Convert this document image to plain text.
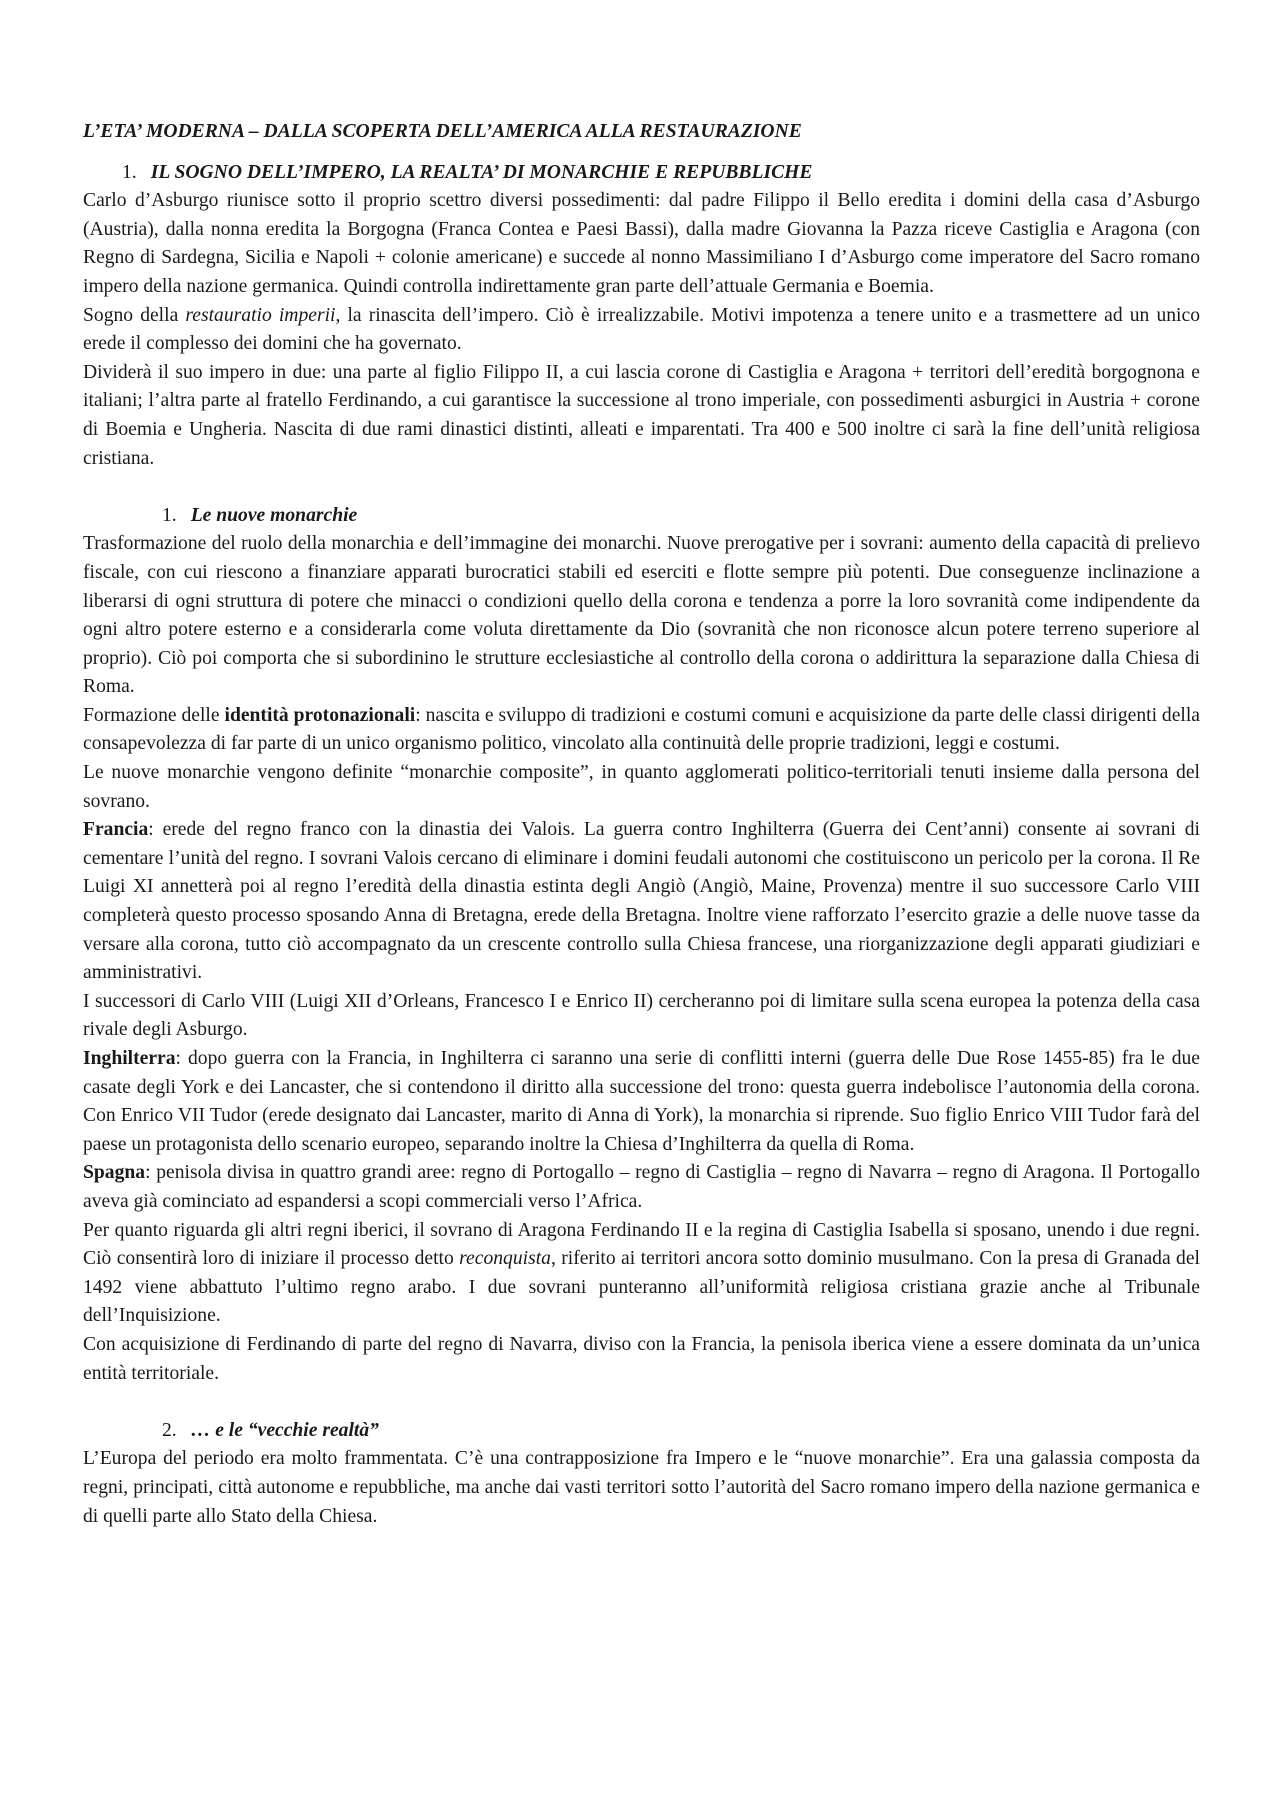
L’ETA’ MODERNA – DALLA SCOPERTA DELL’AMERICA ALLA RESTAURAZIONE
1. IL SOGNO DELL’IMPERO, LA REALTA’ DI MONARCHIE E REPUBBLICHE

Carlo d’Asburgo riunisce sotto il proprio scettro diversi possedimenti: dal padre Filippo il Bello eredita i domini della casa d’Asburgo (Austria), dalla nonna eredita la Borgogna (Franca Contea e Paesi Bassi), dalla madre Giovanna la Pazza riceve Castiglia e Aragona (con Regno di Sardegna, Sicilia e Napoli + colonie americane) e succede al nonno Massimiliano I d’Asburgo come imperatore del Sacro romano impero della nazione germanica. Quindi controlla indirettamente gran parte dell’attuale Germania e Boemia.

Sogno della restauratio imperii, la rinascita dell’impero. Ciò è irrealizzabile. Motivi impotenza a tenere unito e a trasmettere ad un unico erede il complesso dei domini che ha governato.

Dividerà il suo impero in due: una parte al figlio Filippo II, a cui lascia corone di Castiglia e Aragona + territori dell’eredità borgognona e italiani; l’altra parte al fratello Ferdinando, a cui garantisce la successione al trono imperiale, con possedimenti asburgici in Austria + corone di Boemia e Ungheria. Nascita di due rami dinastici distinti, alleati e imparentati. Tra 400 e 500 inoltre ci sarà la fine dell’unità religiosa cristiana.

1. Le nuove monarchie

Trasformazione del ruolo della monarchia e dell’immagine dei monarchi. Nuove prerogative per i sovrani: aumento della capacità di prelievo fiscale, con cui riescono a finanziare apparati burocratici stabili ed eserciti e flotte sempre più potenti. Due conseguenze inclinazione a liberarsi di ogni struttura di potere che minacci o condizioni quello della corona e tendenza a porre la loro sovranità come indipendente da ogni altro potere esterno e a considerarla come voluta direttamente da Dio (sovranità che non riconosce alcun potere terreno superiore al proprio). Ciò poi comporta che si subordinino le strutture ecclesiastiche al controllo della corona o addirittura la separazione dalla Chiesa di Roma.

Formazione delle identità protonazionali: nascita e sviluppo di tradizioni e costumi comuni e acquisizione da parte delle classi dirigenti della consapevolezza di far parte di un unico organismo politico, vincolato alla continuità delle proprie tradizioni, leggi e costumi.

Le nuove monarchie vengono definite “monarchie composite”, in quanto agglomerati politico-territoriali tenuti insieme dalla persona del sovrano.

Francia: erede del regno franco con la dinastia dei Valois. La guerra contro Inghilterra (Guerra dei Cent’anni) consente ai sovrani di cementare l’unità del regno. I sovrani Valois cercano di eliminare i domini feudali autonomi che costituiscono un pericolo per la corona. Il Re Luigi XI annetterà poi al regno l’eredità della dinastia estinta degli Angiò (Angiò, Maine, Provenza) mentre il suo successore Carlo VIII completerà questo processo sposando Anna di Bretagna, erede della Bretagna. Inoltre viene rafforzato l’esercito grazie a delle nuove tasse da versare alla corona, tutto ciò accompagnato da un crescente controllo sulla Chiesa francese, una riorganizzazione degli apparati giudiziari e amministrativi.

I successori di Carlo VIII (Luigi XII d’Orleans, Francesco I e Enrico II) cercheranno poi di limitare sulla scena europea la potenza della casa rivale degli Asburgo.

Inghilterra: dopo guerra con la Francia, in Inghilterra ci saranno una serie di conflitti interni (guerra delle Due Rose 1455-85) fra le due casate degli York e dei Lancaster, che si contendono il diritto alla successione del trono: questa guerra indebolisce l’autonomia della corona. Con Enrico VII Tudor (erede designato dai Lancaster, marito di Anna di York), la monarchia si riprende. Suo figlio Enrico VIII Tudor farà del paese un protagonista dello scenario europeo, separando inoltre la Chiesa d’Inghilterra da quella di Roma.

Spagna: penisola divisa in quattro grandi aree: regno di Portogallo – regno di Castiglia – regno di Navarra – regno di Aragona. Il Portogallo aveva già cominciato ad espandersi a scopi commerciali verso l’Africa.

Per quanto riguarda gli altri regni iberici, il sovrano di Aragona Ferdinando II e la regina di Castiglia Isabella si sposano, unendo i due regni. Ciò consentirà loro di iniziare il processo detto reconquista, riferito ai territori ancora sotto dominio musulmano. Con la presa di Granada del 1492 viene abbattuto l’ultimo regno arabo. I due sovrani punteranno all’uniformità religiosa cristiana grazie anche al Tribunale dell’Inquisizione.

Con acquisizione di Ferdinando di parte del regno di Navarra, diviso con la Francia, la penisola iberica viene a essere dominata da un’unica entità territoriale.

2. … e le “vecchie realtà”

L’Europa del periodo era molto frammentata. C’è una contrapposizione fra Impero e le “nuove monarchie”. Era una galassia composta da regni, principati, città autonome e repubbliche, ma anche dai vasti territori sotto l’autorità del Sacro romano impero della nazione germanica e di quelli parte allo Stato della Chiesa.
